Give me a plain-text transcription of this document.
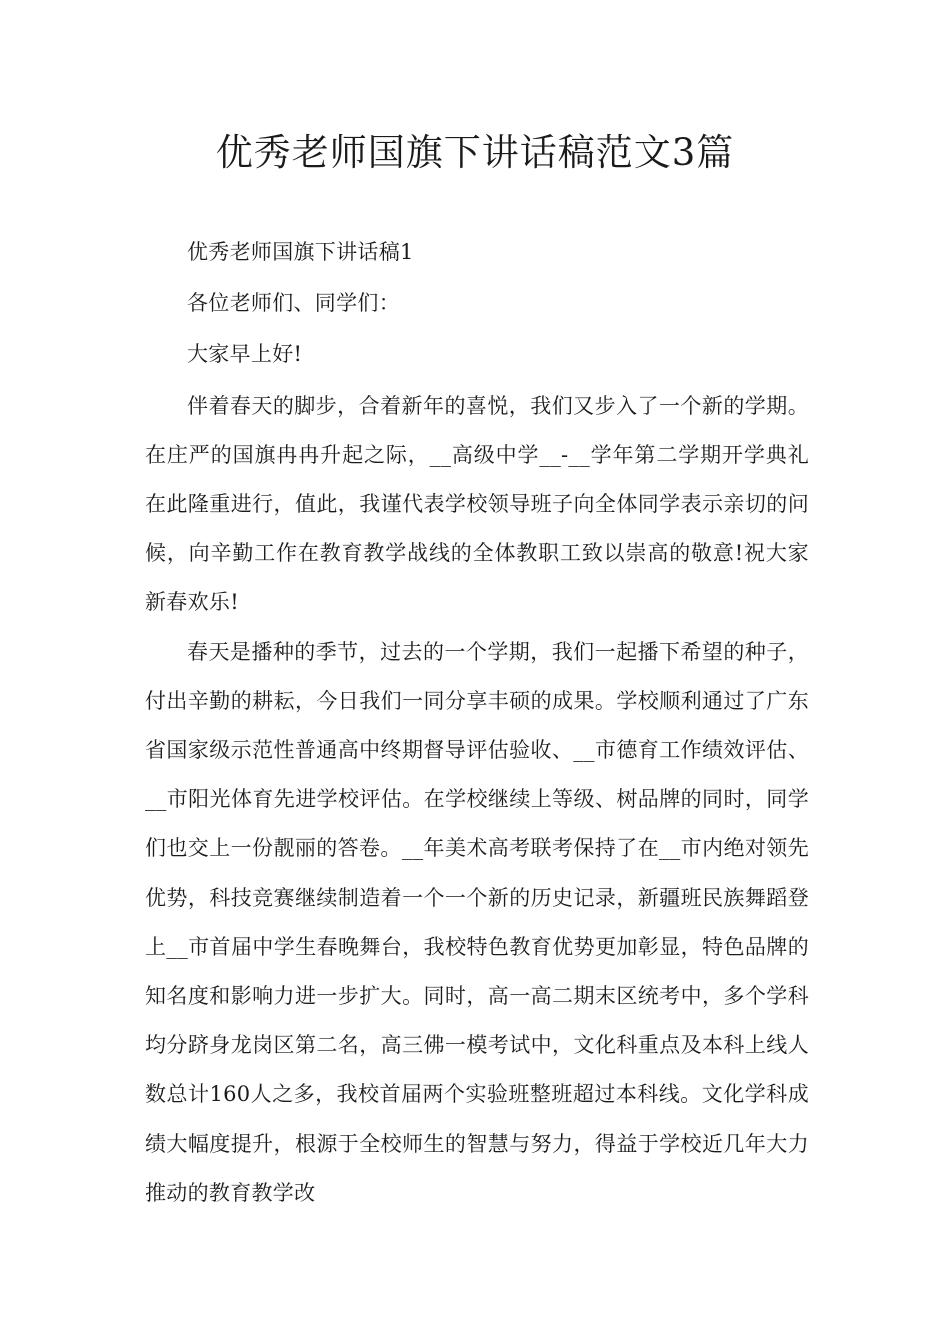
优秀老师国旗下讲话稿范文3篇

优秀老师国旗下讲话稿1

各位老师们、同学们：

大家早上好!

伴着春天的脚步，合着新年的喜悦，我们又步入了一个新的学期。在庄严的国旗冉冉升起之际，__高级中学__-__学年第二学期开学典礼在此隆重进行，值此，我谨代表学校领导班子向全体同学表示亲切的问候，向辛勤工作在教育教学战线的全体教职工致以崇高的敬意!祝大家新春欢乐!

春天是播种的季节，过去的一个学期，我们一起播下希望的种子，付出辛勤的耕耘，今日我们一同分享丰硕的成果。学校顺利通过了广东省国家级示范性普通高中终期督导评估验收、__市德育工作绩效评估、__市阳光体育先进学校评估。在学校继续上等级、树品牌的同时，同学们也交上一份靓丽的答卷。__年美术高考联考保持了在__市内绝对领先优势，科技竞赛继续制造着一个一个新的历史记录，新疆班民族舞蹈登上__市首届中学生春晚舞台，我校特色教育优势更加彰显，特色品牌的知名度和影响力进一步扩大。同时，高一高二期末区统考中，多个学科均分跻身龙岗区第二名，高三佛一模考试中，文化科重点及本科上线人数总计160人之多，我校首届两个实验班整班超过本科线。文化学科成绩大幅度提升，根源于全校师生的智慧与努力，得益于学校近几年大力推动的教育教学改
